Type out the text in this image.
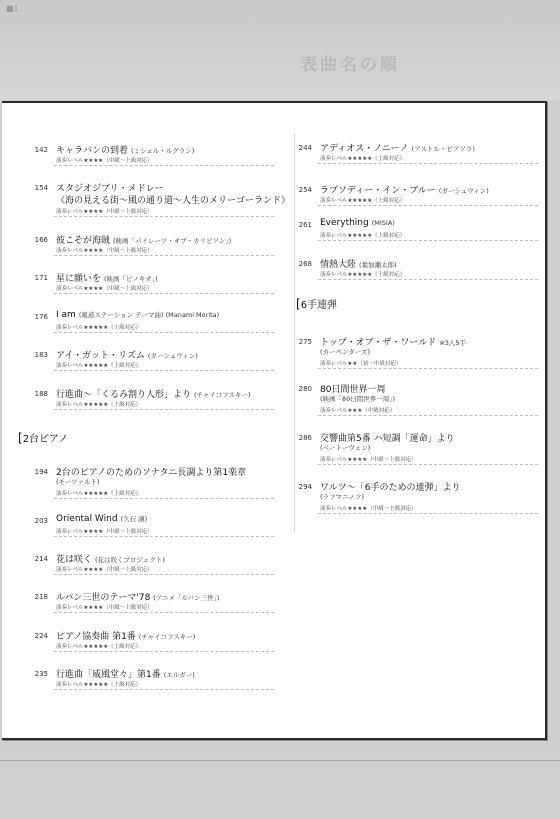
■1
表曲名の順
142 キャラバンの到着 (ミシェル・ルグラン)
演奏レベル★★★★（中級〜上級対応）
154 スタジオジブリ・メドレー
《海の見える街〜風の通り道〜人生のメリーゴーランド》
演奏レベル★★★★（中級〜上級対応）
166 彼こそが海賊 (映画「パイレーツ・オブ・カリビアン」)
演奏レベル★★★★（中級〜上級対応）
171 星に願いを (映画「ピノキオ」)
演奏レベル★★★★（中級〜上級対応）
176 I am (報道ステーション テーマ曲) (Manami Morita)
演奏レベル★★★★★（上級対応）
183 アイ・ガット・リズム (ガーシュウィン)
演奏レベル★★★★★（上級対応）
188 行進曲〜「くるみ割り人形」より (チャイコフスキー)
演奏レベル★★★★★（上級対応）
[2台ピアノ
194 2台のピアノのためのソナタニ長調より第1楽章
(モーツァルト)
演奏レベル★★★★★（上級対応）
203 Oriental Wind (久石 譲)
演奏レベル★★★★（中級〜上級対応）
214 花は咲く (花は咲くプロジェクト)
演奏レベル★★★★（中級〜上級対応）
218 ルパン三世のテーマ'78 (アニメ「ルパン三世」)
演奏レベル★★★★（中級〜上級対応）
224 ピアノ協奏曲 第1番 (チャイコフスキー)
演奏レベル★★★★★（上級対応）
235 行進曲「威風堂々」第1番 (エルガー)
演奏レベル★★★★★（上級対応）
244 アディオス・ノニーノ (アストル・ピアソラ)
演奏レベル★★★★★（上級対応）
254 ラプソディー・イン・ブルー (ガーシュウィン)
演奏レベル★★★★★（上級対応）
261 Everything (MISIA)
演奏レベル★★★★★（上級対応）
268 情熱大陸 (葉加瀬太郎)
演奏レベル★★★★★（上級対応）
[6手連弾
275 トップ・オブ・ザ・ワールド ※3人5手
(カーペンターズ)
演奏レベル★★（初〜中級対応）
280 80日間世界一周
(映画「80日間世界一周」)
演奏レベル★★★（中級対応）
286 交響曲第5番 ハ短調「運命」より
(ベートーヴェン)
演奏レベル★★★★（中級〜上級対応）
294 ワルツ〜「6手のための連弾」より
(ラフマニノフ)
演奏レベル★★★★（中級〜上級対応）
